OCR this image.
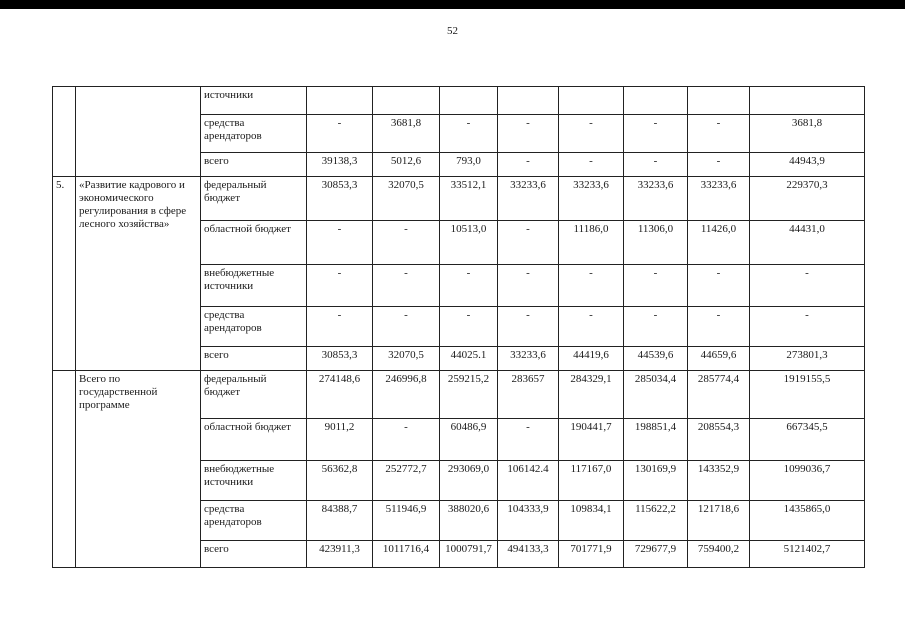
52
		источники								
		средства арендаторов	-	3681,8	-	-	-	-	-	3681,8
		всего	39138,3	5012,6	793,0	-	-	-	-	44943,9
5.	«Развитие кадрового и экономического регулирования в сфере лесного хозяйства»	федеральный бюджет	30853,3	32070,5	33512,1	33233,6	33233,6	33233,6	33233,6	229370,3
		областной бюджет	-	-	10513,0	-	11186,0	11306,0	11426,0	44431,0
		внебюджетные источники	-	-	-	-	-	-	-	-
		средства арендаторов	-	-	-	-	-	-	-	-
		всего	30853,3	32070,5	44025.1	33233,6	44419,6	44539,6	44659,6	273801,3
	Всего по государственной программе	федеральный бюджет	274148,6	246996,8	259215,2	283657	284329,1	285034,4	285774,4	1919155,5
		областной бюджет	9011,2	-	60486,9	-	190441,7	198851,4	208554,3	667345,5
		внебюджетные источники	56362,8	252772,7	293069,0	106142.4	117167,0	130169,9	143352,9	1099036,7
		средства арендаторов	84388,7	511946,9	388020,6	104333,9	109834,1	115622,2	121718,6	1435865,0
		всего	423911,3	1011716,4	1000791,7	494133,3	701771,9	729677,9	759400,2	5121402,7
